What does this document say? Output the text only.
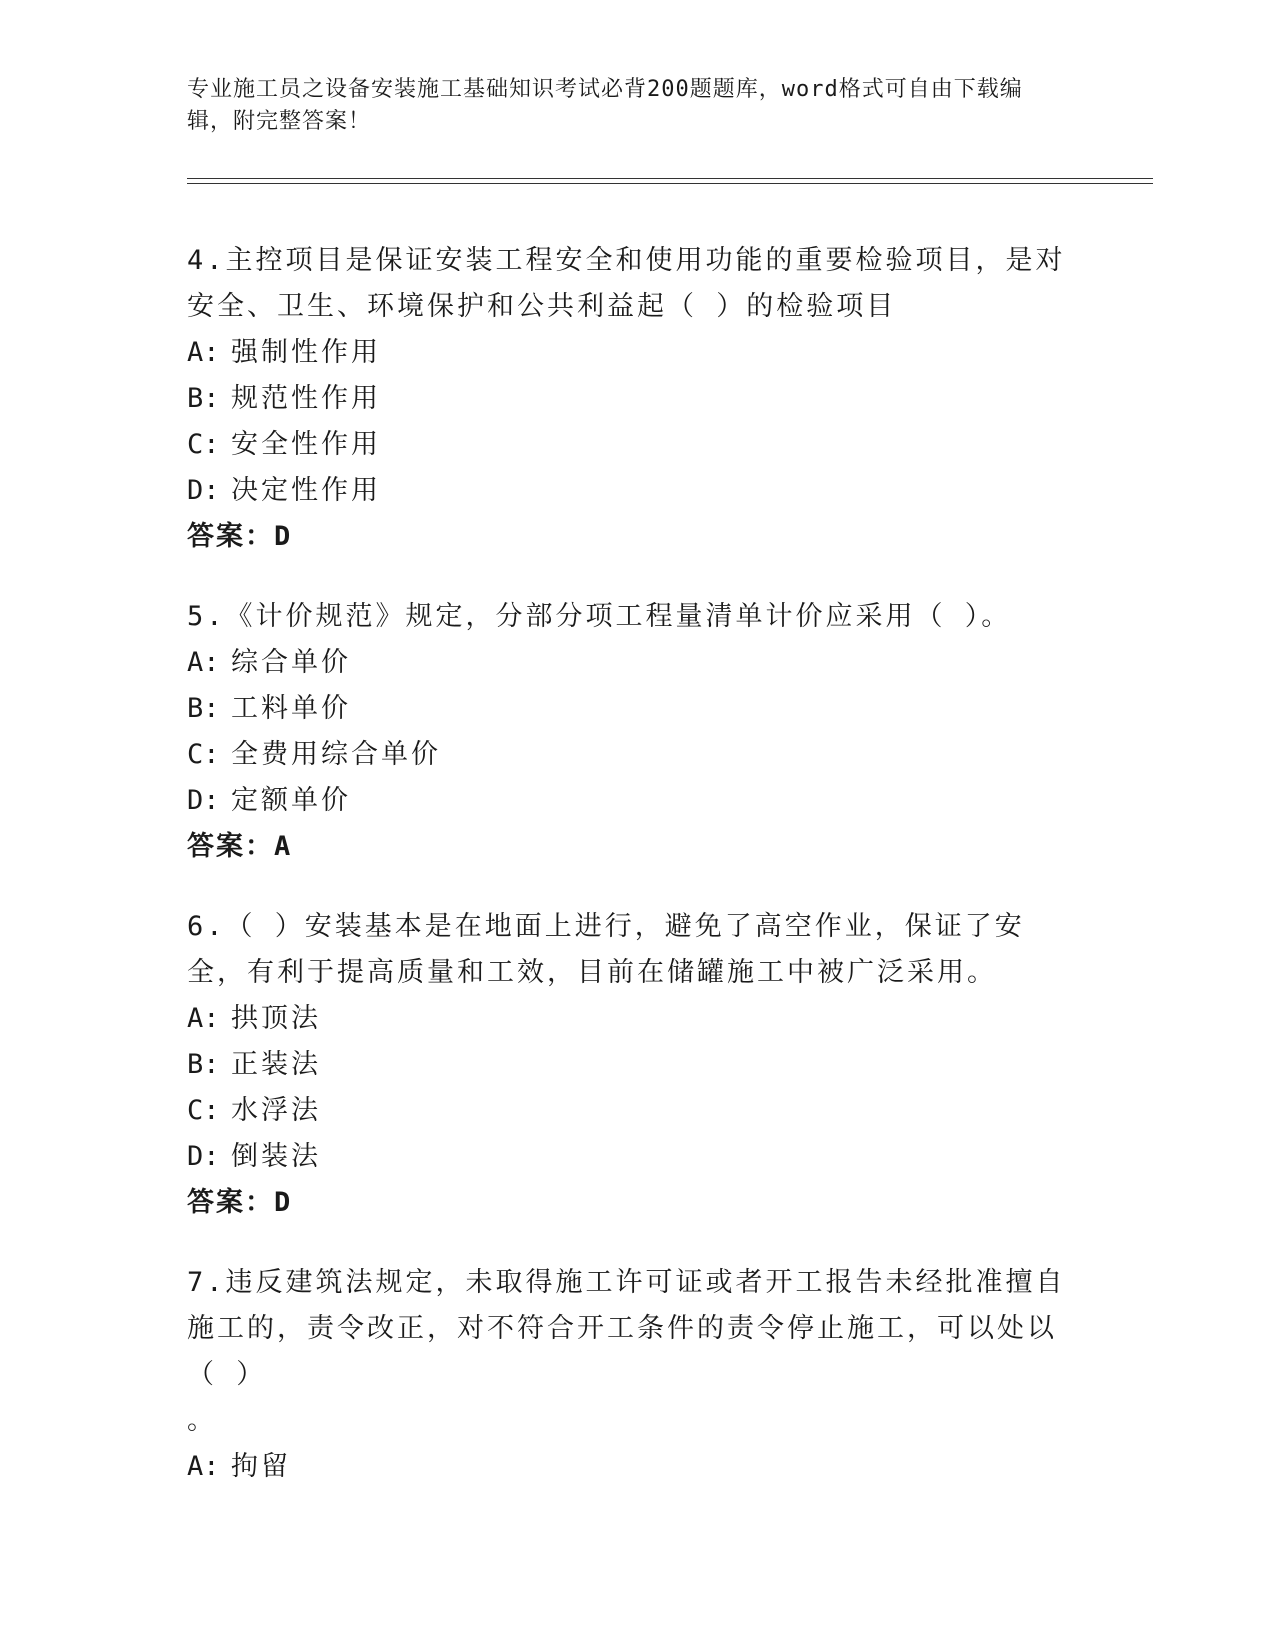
专业施工员之设备安装施工基础知识考试必背200题题库，word格式可自由下载编辑，附完整答案！
4.主控项目是保证安装工程安全和使用功能的重要检验项目，是对安全、卫生、环境保护和公共利益起（ ）的检验项目
A: 强制性作用
B: 规范性作用
C: 安全性作用
D: 决定性作用
答案：D
5.《计价规范》规定，分部分项工程量清单计价应采用（ ）。
A: 综合单价
B: 工料单价
C: 全费用综合单价
D: 定额单价
答案：A
6.（ ）安装基本是在地面上进行，避免了高空作业，保证了安全，有利于提高质量和工效，目前在储罐施工中被广泛采用。
A: 拱顶法
B: 正装法
C: 水浮法
D: 倒装法
答案：D
7.违反建筑法规定，未取得施工许可证或者开工报告未经批准擅自施工的，责令改正，对不符合开工条件的责令停止施工，可以处以（ ）
。
A: 拘留
